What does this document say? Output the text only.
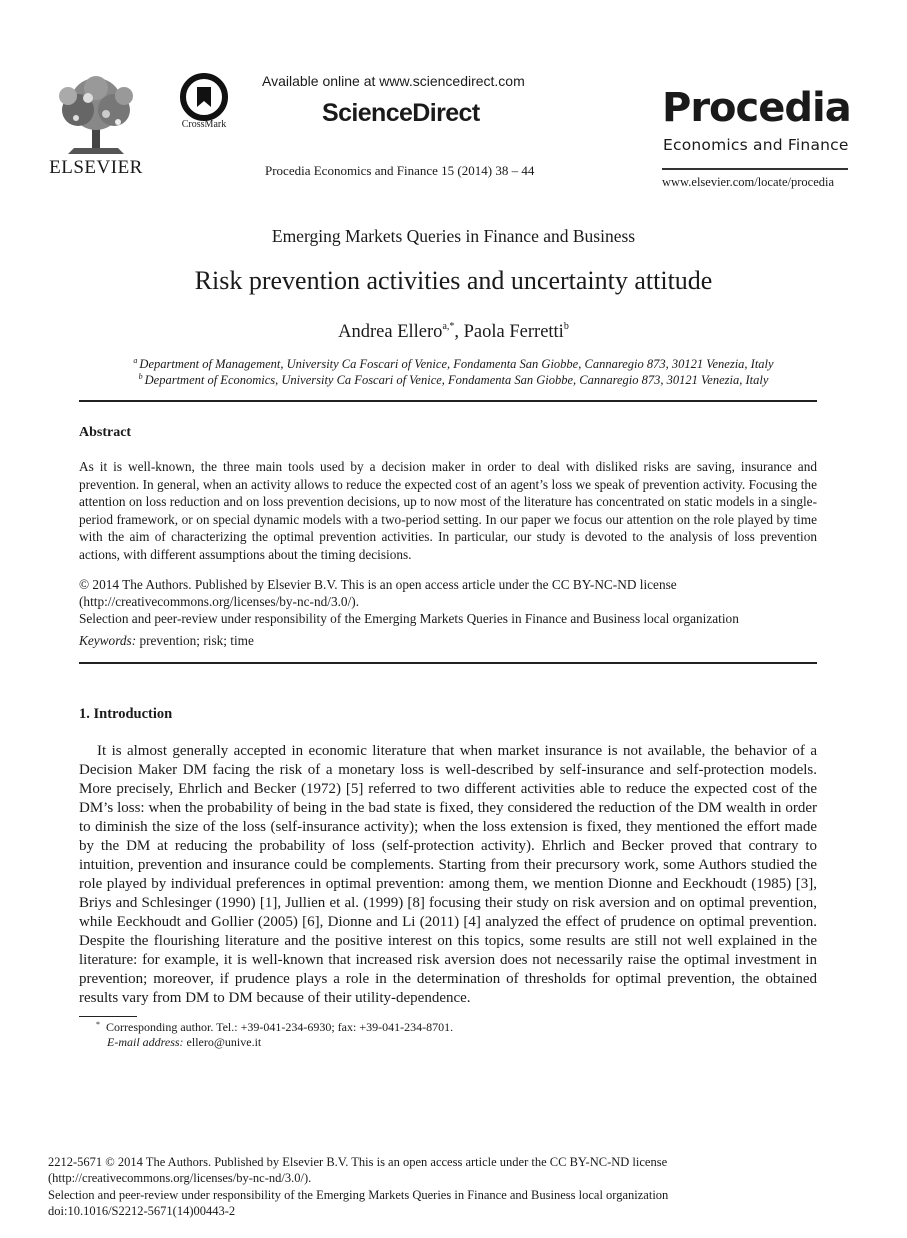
ELSEVIER
CrossMark
Available online at www.sciencedirect.com
ScienceDirect
Procedia Economics and Finance 15 (2014) 38 – 44
Procedia
Economics and Finance
www.elsevier.com/locate/procedia
Emerging Markets Queries in Finance and Business
Risk prevention activities and uncertainty attitude
Andrea Ellero$^{a,*}$, Paola Ferretti$^b$
$^a$ Department of Management, University Ca Foscari of Venice, Fondamenta San Giobbe, Cannaregio 873, 30121 Venezia, Italy
$^b$ Department of Economics, University Ca Foscari of Venice, Fondamenta San Giobbe, Cannaregio 873, 30121 Venezia, Italy
Abstract
As it is well-known, the three main tools used by a decision maker in order to deal with disliked risks are saving, insurance and prevention. In general, when an activity allows to reduce the expected cost of an agent’s loss we speak of prevention activity. Focusing the attention on loss reduction and on loss prevention decisions, up to now most of the literature has concentrated on static models in a single-period framework, or on special dynamic models with a two-period setting. In our paper we focus our attention on the role played by time with the aim of characterizing the optimal prevention activities. In particular, our study is devoted to the analysis of loss prevention actions, with different assumptions about the timing decisions.
© 2014 The Authors. Published by Elsevier B.V. This is an open access article under the CC BY-NC-ND license
(http://creativecommons.org/licenses/by-nc-nd/3.0/).
Selection and peer-review under responsibility of the Emerging Markets Queries in Finance and Business local organization
Keywords: prevention; risk; time
1. Introduction

It is almost generally accepted in economic literature that when market insurance is not available, the behavior of a Decision Maker DM facing the risk of a monetary loss is well-described by self-insurance and self-protection models. More precisely, Ehrlich and Becker (1972) [5] referred to two different activities able to reduce the expected cost of the DM’s loss: when the probability of being in the bad state is fixed, they considered the reduction of the DM wealth in order to diminish the size of the loss (self-insurance activity); when the loss extension is fixed, they mentioned the effort made by the DM at reducing the probability of loss (self-protection activity). Ehrlich and Becker proved that contrary to intuition, prevention and insurance could be complements. Starting from their precursory work, some Authors studied the role played by individual preferences in optimal prevention: among them, we mention Dionne and Eeckhoudt (1985) [3], Briys and Schlesinger (1990) [1], Jullien et al. (1999) [8] focusing their study on risk aversion and on optimal prevention, while Eeckhoudt and Gollier (2005) [6], Dionne and Li (2011) [4] analyzed the effect of prudence on optimal prevention. Despite the flourishing literature and the positive interest on this topics, some results are still not well explained in the literature: for example, it is well-known that increased risk aversion does not necessarily raise the optimal investment in prevention; moreover, if prudence plays a role in the determination of thresholds for optimal prevention, the obtained results vary from DM to DM because of their utility-dependence.

* Corresponding author. Tel.: +39-041-234-6930; fax: +39-041-234-8701.
E-mail address: ellero@unive.it
2212-5671 © 2014 The Authors. Published by Elsevier B.V. This is an open access article under the CC BY-NC-ND license
(http://creativecommons.org/licenses/by-nc-nd/3.0/).
Selection and peer-review under responsibility of the Emerging Markets Queries in Finance and Business local organization
doi:10.1016/S2212-5671(14)00443-2
